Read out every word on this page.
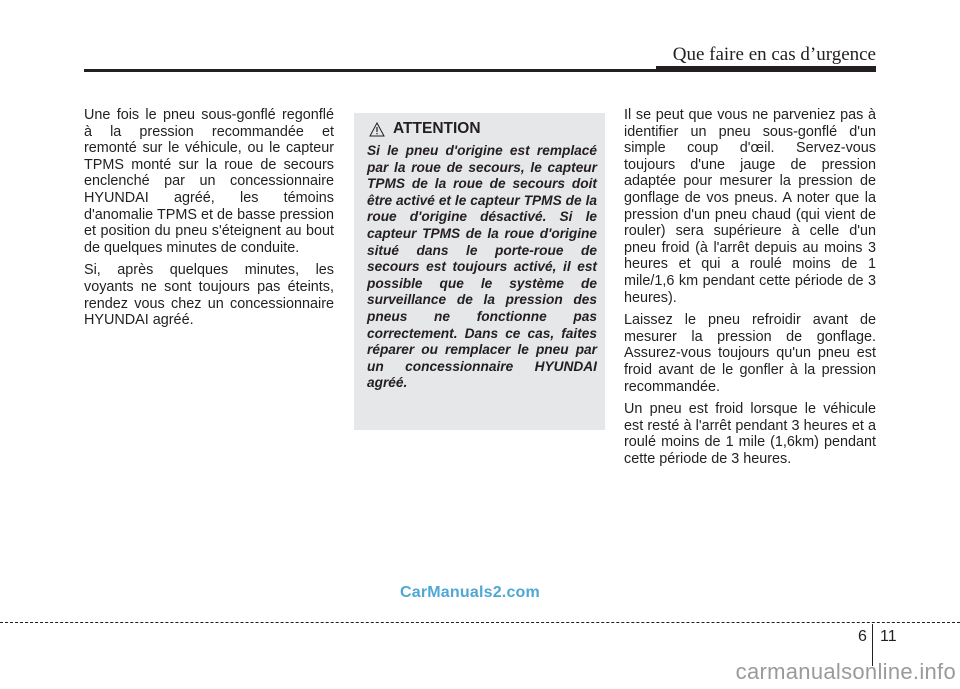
Que faire en cas d’urgence

Une fois le pneu sous-gonflé regonflé à la pression recommandée et remonté sur le véhicule, ou le capteur TPMS monté sur la roue de secours enclenché par un concessionnaire HYUNDAI agréé, les témoins d'anomalie TPMS et de basse pression et position du pneu s'éteignent au bout de quelques minutes de conduite.

Si, après quelques minutes, les voyants ne sont toujours pas éteints, rendez vous chez un concessionnaire HYUNDAI agréé.

ATTENTION
Si le pneu d'origine est remplacé par la roue de secours, le capteur TPMS de la roue de secours doit être activé et le capteur TPMS de la roue d'origine désactivé. Si le capteur TPMS de la roue d'origine situé dans le porte-roue de secours est toujours activé, il est possible que le système de surveillance de la pression des pneus ne fonctionne pas correctement. Dans ce cas, faites réparer ou remplacer le pneu par un concessionnaire HYUNDAI agréé.

Il se peut que vous ne parveniez pas à identifier un pneu sous-gonflé d'un simple coup d'œil. Servez-vous toujours d'une jauge de pression adaptée pour mesurer la pression de gonflage de vos pneus. A noter que la pression d'un pneu chaud (qui vient de rouler) sera supérieure à celle d'un pneu froid (à l'arrêt depuis au moins 3 heures et qui a roulé moins de 1 mile/1,6 km pendant cette période de 3 heures).

Laissez le pneu refroidir avant de mesurer la pression de gonflage. Assurez-vous toujours qu'un pneu est froid avant de le gonfler à la pression recommandée.

Un pneu est froid lorsque le véhicule est resté à l'arrêt pendant 3 heures et a roulé moins de 1 mile (1,6km) pendant cette période de 3 heures.

CarManuals2.com
6 11
carmanualsonline.info
